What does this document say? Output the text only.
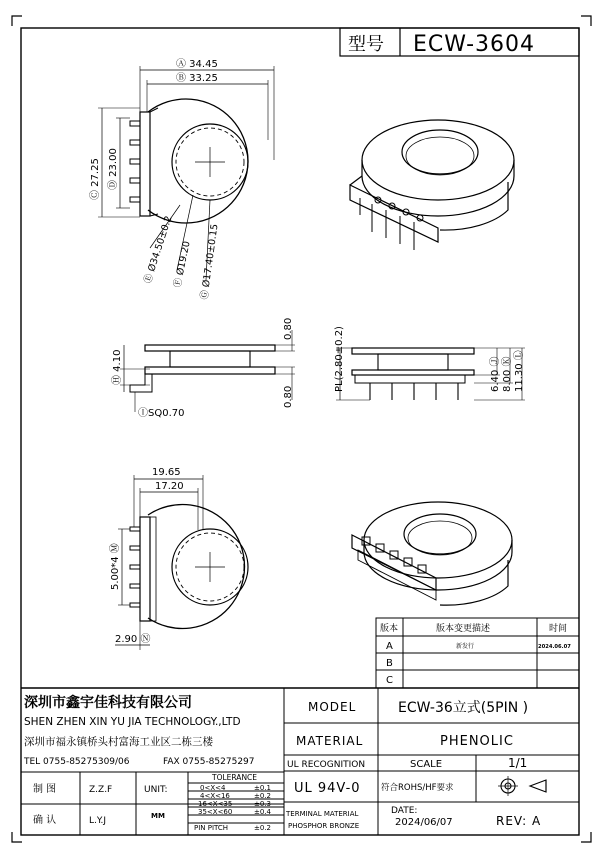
型号 ECW-3604
Ⓐ 34.45
Ⓑ 33.25
Ⓒ 27.25 Ⓓ 23.00
Ⓔ Ø34.50±0.2
Ⓕ Ø19.20 Ⓖ Ø17.40±0.15
0.80
0.80
Ⓗ 4.10
ⒾSQ0.70
PL(2.80±0.2)	6.40 Ⓙ 8.00 Ⓚ 11.30 Ⓛ
19.65
17.20
5.00*4 Ⓜ
2.90 Ⓝ
版本	版本变更描述	时间
A	新发行	2024.06.07
B
C
深圳市鑫宇佳科技有限公司
SHEN ZHEN XIN YU JIA TECHNOLOGY.,LTD
深圳市福永镇桥头村富海工业区二栋三楼
TEL 0755-85275309/06	FAX 0755-85275297
制 图	Z.Z.F
确 认	L.Y.J
UNIT:
MM
TOLERANCE
0<X<4	±0.1
4<X<16	±0.2
16<X<35	±0.3
35<X<60	±0.4
PIN PITCH	±0.2
MODEL	ECW-36立式(5PIN )
MATERIAL	PHENOLIC
UL RECOGNITION	SCALE	1/1
UL 94V-0 符合ROHS/HF要求
TERMINAL MATERIAL
PHOSPHOR BRONZE
DATE:
2024/06/07	REV: A
